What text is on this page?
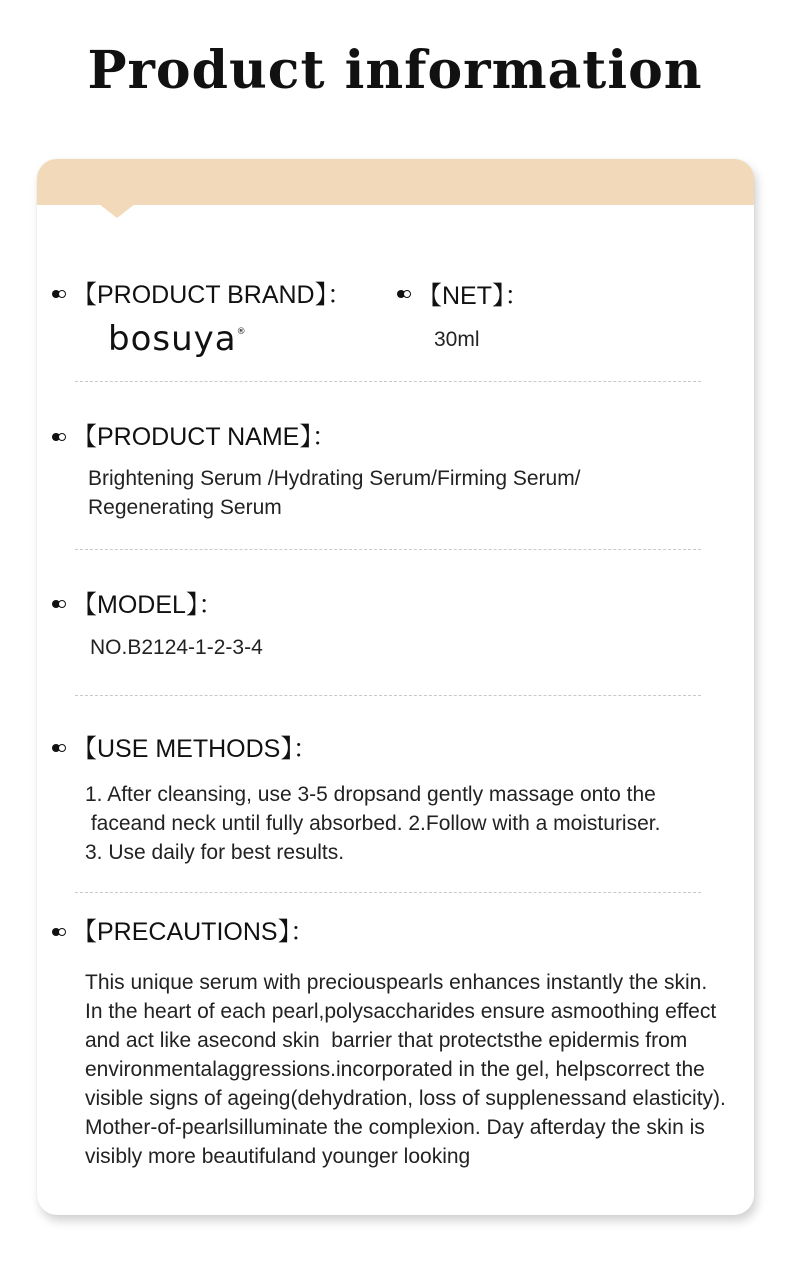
Product information
【PRODUCT BRAND】：
bosuya®
【NET】：
30ml
【PRODUCT NAME】：
Brightening Serum /Hydrating Serum/Firming Serum/
Regenerating Serum
【MODEL】：
NO.B2124-1-2-3-4
【USE METHODS】：
1. After cleansing, use 3-5 dropsand gently massage onto the
faceand neck until fully absorbed. 2.Follow with a moisturiser.
3. Use daily for best results.
【PRECAUTIONS】：
This unique serum with preciouspearls enhances instantly the skin.
In the heart of each pearl,polysaccharides ensure asmoothing effect
and act like asecond skin  barrier that protectsthe epidermis from
environmentalaggressions.incorporated in the gel, helpscorrect the
visible signs of ageing(dehydration, loss of supplenessand elasticity).
Mother-of-pearlsilluminate the complexion. Day afterday the skin is
visibly more beautifuland younger looking
